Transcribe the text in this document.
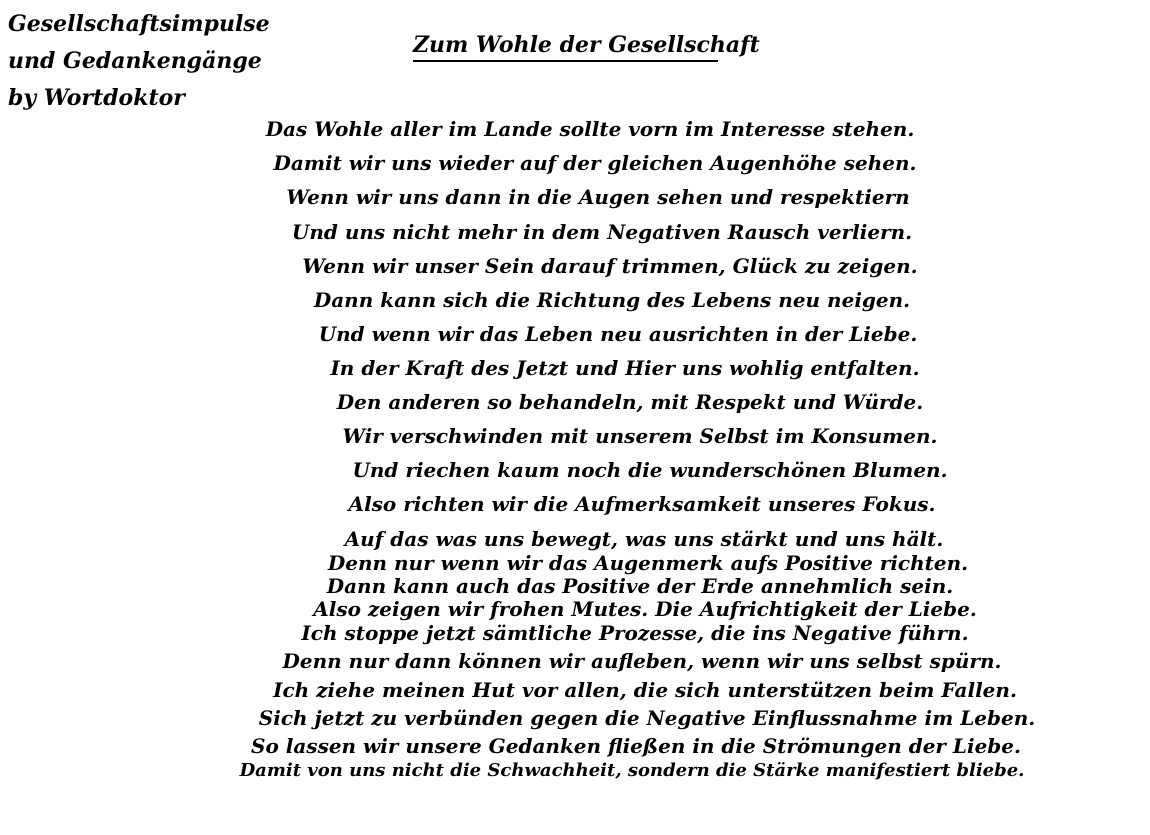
Gesellschaftsimpulse
und Gedankengänge
by Wortdoktor
Zum Wohle der Gesellschaft
Das Wohle aller im Lande sollte vorn im Interesse stehen.
Damit wir uns wieder auf der gleichen Augenhöhe sehen.
Wenn wir uns dann in die Augen sehen und respektiern
Und uns nicht mehr in dem Negativen Rausch verliern.
Wenn wir unser Sein darauf trimmen, Glück zu zeigen.
Dann kann sich die Richtung des Lebens neu neigen.
Und wenn wir das Leben neu ausrichten in der Liebe.
In der Kraft des Jetzt und Hier uns wohlig entfalten.
Den anderen so behandeln, mit Respekt und Würde.
Wir verschwinden mit unserem Selbst im Konsumen.
Und riechen kaum noch die wunderschönen Blumen.
Also richten wir die Aufmerksamkeit unseres Fokus.
Auf das was uns bewegt, was uns stärkt und uns hält.
Denn nur wenn wir das Augenmerk aufs Positive richten.
Dann kann auch das Positive der Erde annehmlich sein.
Also zeigen wir frohen Mutes. Die Aufrichtigkeit der Liebe.
Ich stoppe jetzt sämtliche Prozesse, die ins Negative führn.
Denn nur dann können wir aufleben, wenn wir uns selbst spürn.
Ich ziehe meinen Hut vor allen, die sich unterstützen beim Fallen.
Sich jetzt zu verbünden gegen die Negative Einflussnahme im Leben.
So lassen wir unsere Gedanken fließen in die Strömungen der Liebe.
Damit von uns nicht die Schwachheit, sondern die Stärke manifestiert bliebe.
